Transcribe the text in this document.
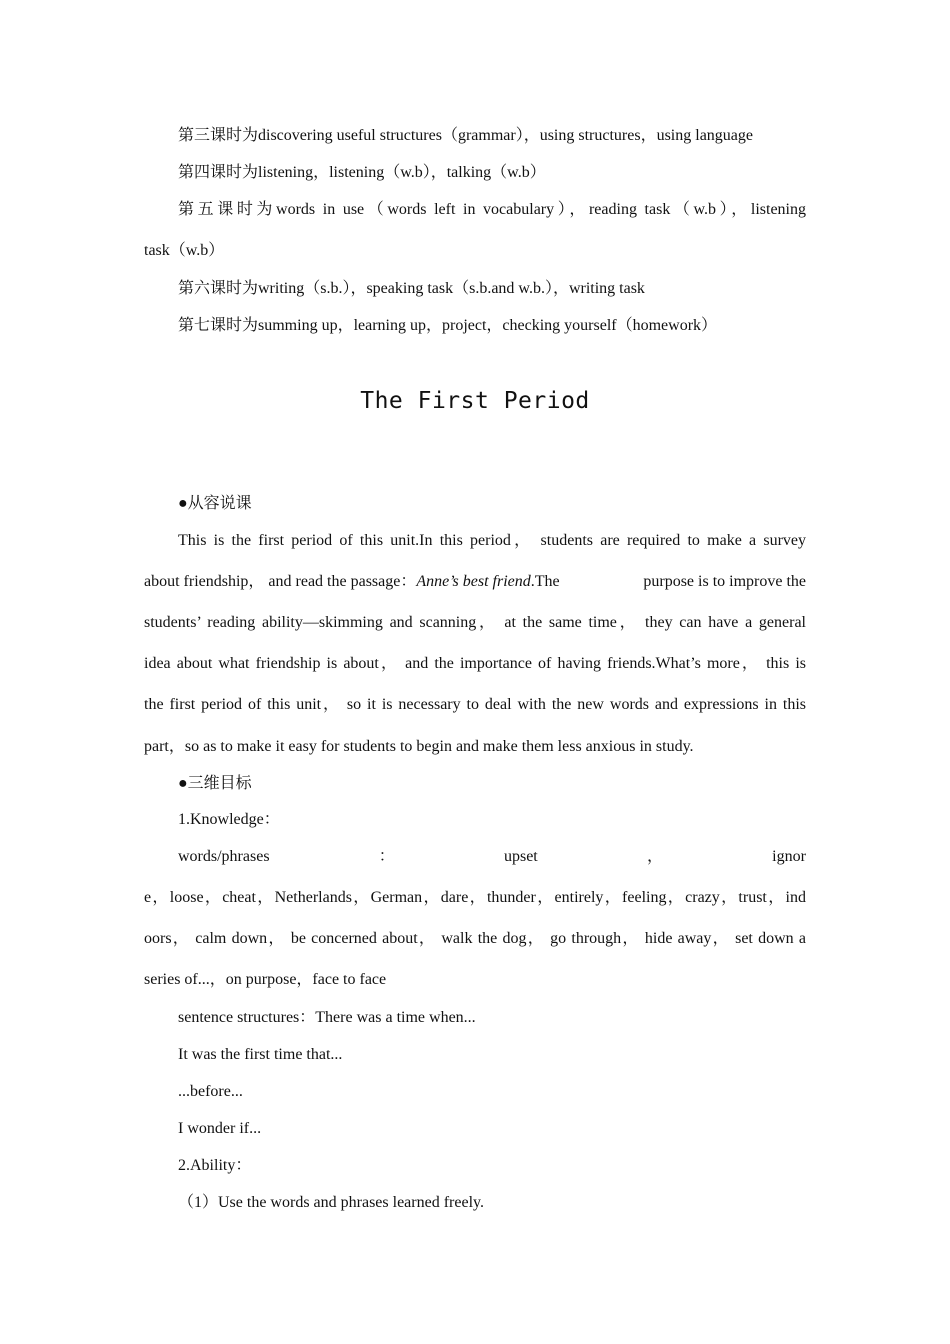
第三课时为discovering useful structures（grammar），using structures，using language
第四课时为listening，listening（w.b），talking（w.b）
第五课时为words in use（words left in vocabulary），reading task（w.b），listening
task（w.b）
第六课时为writing（s.b.），speaking task（s.b.and w.b.），writing task
第七课时为summing up，learning up，project，checking yourself（homework）
The First Period
●从容说课
This is the first period of this unit.In this period， students are required to make a survey
about friendship， and read the passage：Anne’s best friend.The	purpose is to improve the
students’ reading ability—skimming and scanning， at the same time， they can have a general
idea about what friendship is about， and the importance of having friends.What’s more， this is
the first period of this unit， so it is necessary to deal with the new words and expressions in this
part，so as to make it easy for students to begin and make them less anxious in study.
●三维目标
1.Knowledge：
words/phrases	：	upset	，	ignor
e，loose，cheat，Netherlands，German，dare，thunder，entirely，feeling，crazy，trust，ind
oors， calm down， be concerned about， walk the dog， go through， hide away， set down a
series of...，on purpose，face to face
sentence structures：There was a time when...
It was the first time that...
...before...
I wonder if...
2.Ability：
（1）Use the words and phrases learned freely.
